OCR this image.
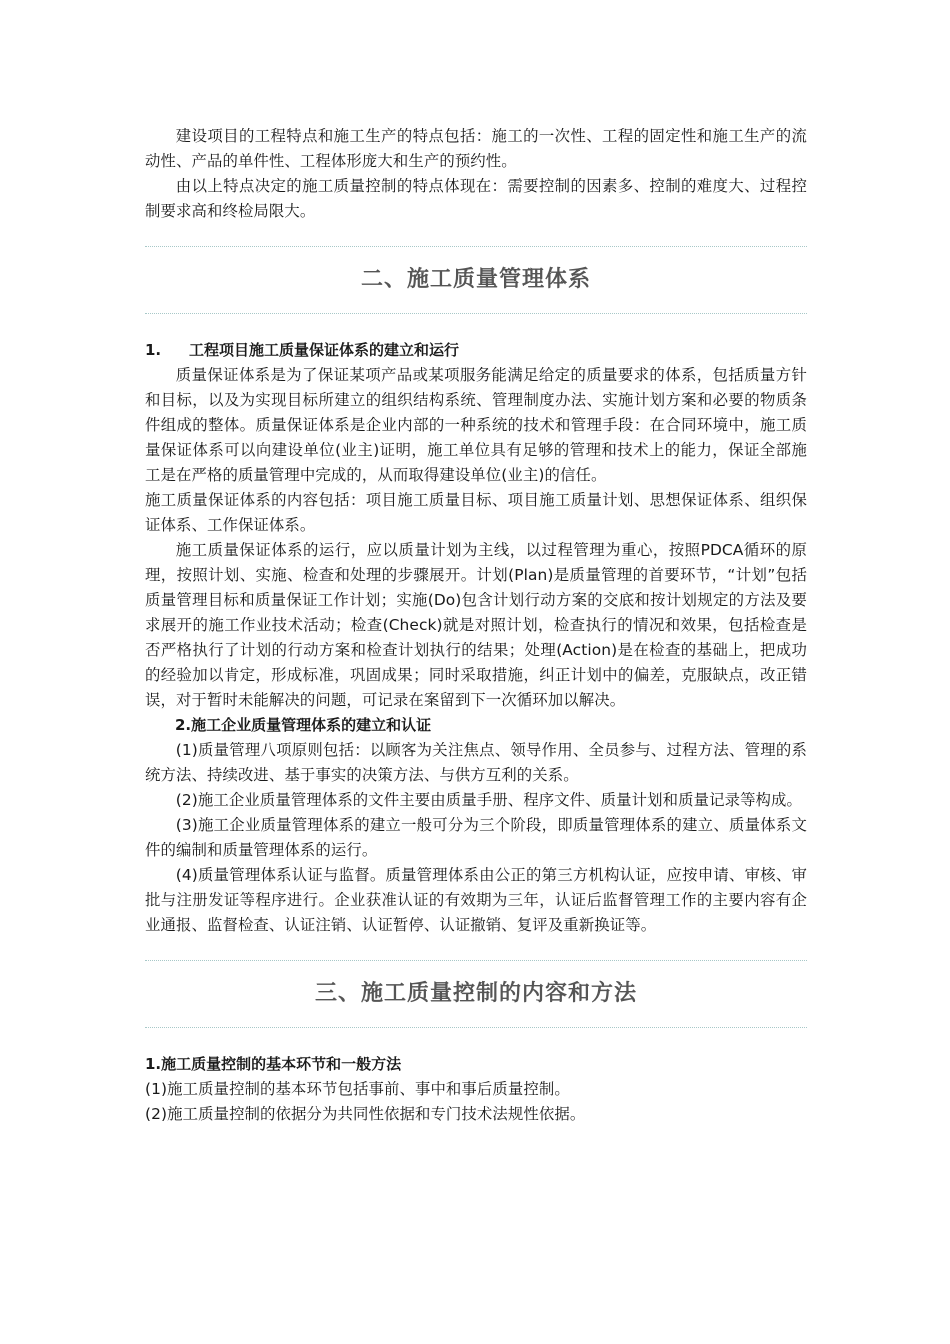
建设项目的工程特点和施工生产的特点包括：施工的一次性、工程的固定性和施工生产的流动性、产品的单件性、工程体形庞大和生产的预约性。

由以上特点决定的施工质量控制的特点体现在：需要控制的因素多、控制的难度大、过程控制要求高和终检局限大。

二、施工质量管理体系
1. 工程项目施工质量保证体系的建立和运行

质量保证体系是为了保证某项产品或某项服务能满足给定的质量要求的体系，包括质量方针和目标，以及为实现目标所建立的组织结构系统、管理制度办法、实施计划方案和必要的物质条件组成的整体。质量保证体系是企业内部的一种系统的技术和管理手段：在合同环境中，施工质量保证体系可以向建设单位(业主)证明，施工单位具有足够的管理和技术上的能力，保证全部施工是在严格的质量管理中完成的，从而取得建设单位(业主)的信任。

施工质量保证体系的内容包括：项目施工质量目标、项目施工质量计划、思想保证体系、组织保证体系、工作保证体系。

施工质量保证体系的运行，应以质量计划为主线，以过程管理为重心，按照PDCA循环的原理，按照计划、实施、检查和处理的步骤展开。计划(Plan)是质量管理的首要环节，“计划”包括质量管理目标和质量保证工作计划；实施(Do)包含计划行动方案的交底和按计划规定的方法及要求展开的施工作业技术活动；检查(Check)就是对照计划，检查执行的情况和效果，包括检查是否严格执行了计划的行动方案和检查计划执行的结果；处理(Action)是在检查的基础上，把成功的经验加以肯定，形成标准，巩固成果；同时采取措施，纠正计划中的偏差，克服缺点，改正错误，对于暂时未能解决的问题，可记录在案留到下一次循环加以解决。

2.施工企业质量管理体系的建立和认证

(1)质量管理八项原则包括：以顾客为关注焦点、领导作用、全员参与、过程方法、管理的系统方法、持续改进、基于事实的决策方法、与供方互利的关系。

(2)施工企业质量管理体系的文件主要由质量手册、程序文件、质量计划和质量记录等构成。

(3)施工企业质量管理体系的建立一般可分为三个阶段，即质量管理体系的建立、质量体系文件的编制和质量管理体系的运行。

(4)质量管理体系认证与监督。质量管理体系由公正的第三方机构认证，应按申请、审核、审批与注册发证等程序进行。企业获准认证的有效期为三年，认证后监督管理工作的主要内容有企业通报、监督检查、认证注销、认证暂停、认证撤销、复评及重新换证等。

三、施工质量控制的内容和方法
1.施工质量控制的基本环节和一般方法

(1)施工质量控制的基本环节包括事前、事中和事后质量控制。

(2)施工质量控制的依据分为共同性依据和专门技术法规性依据。
